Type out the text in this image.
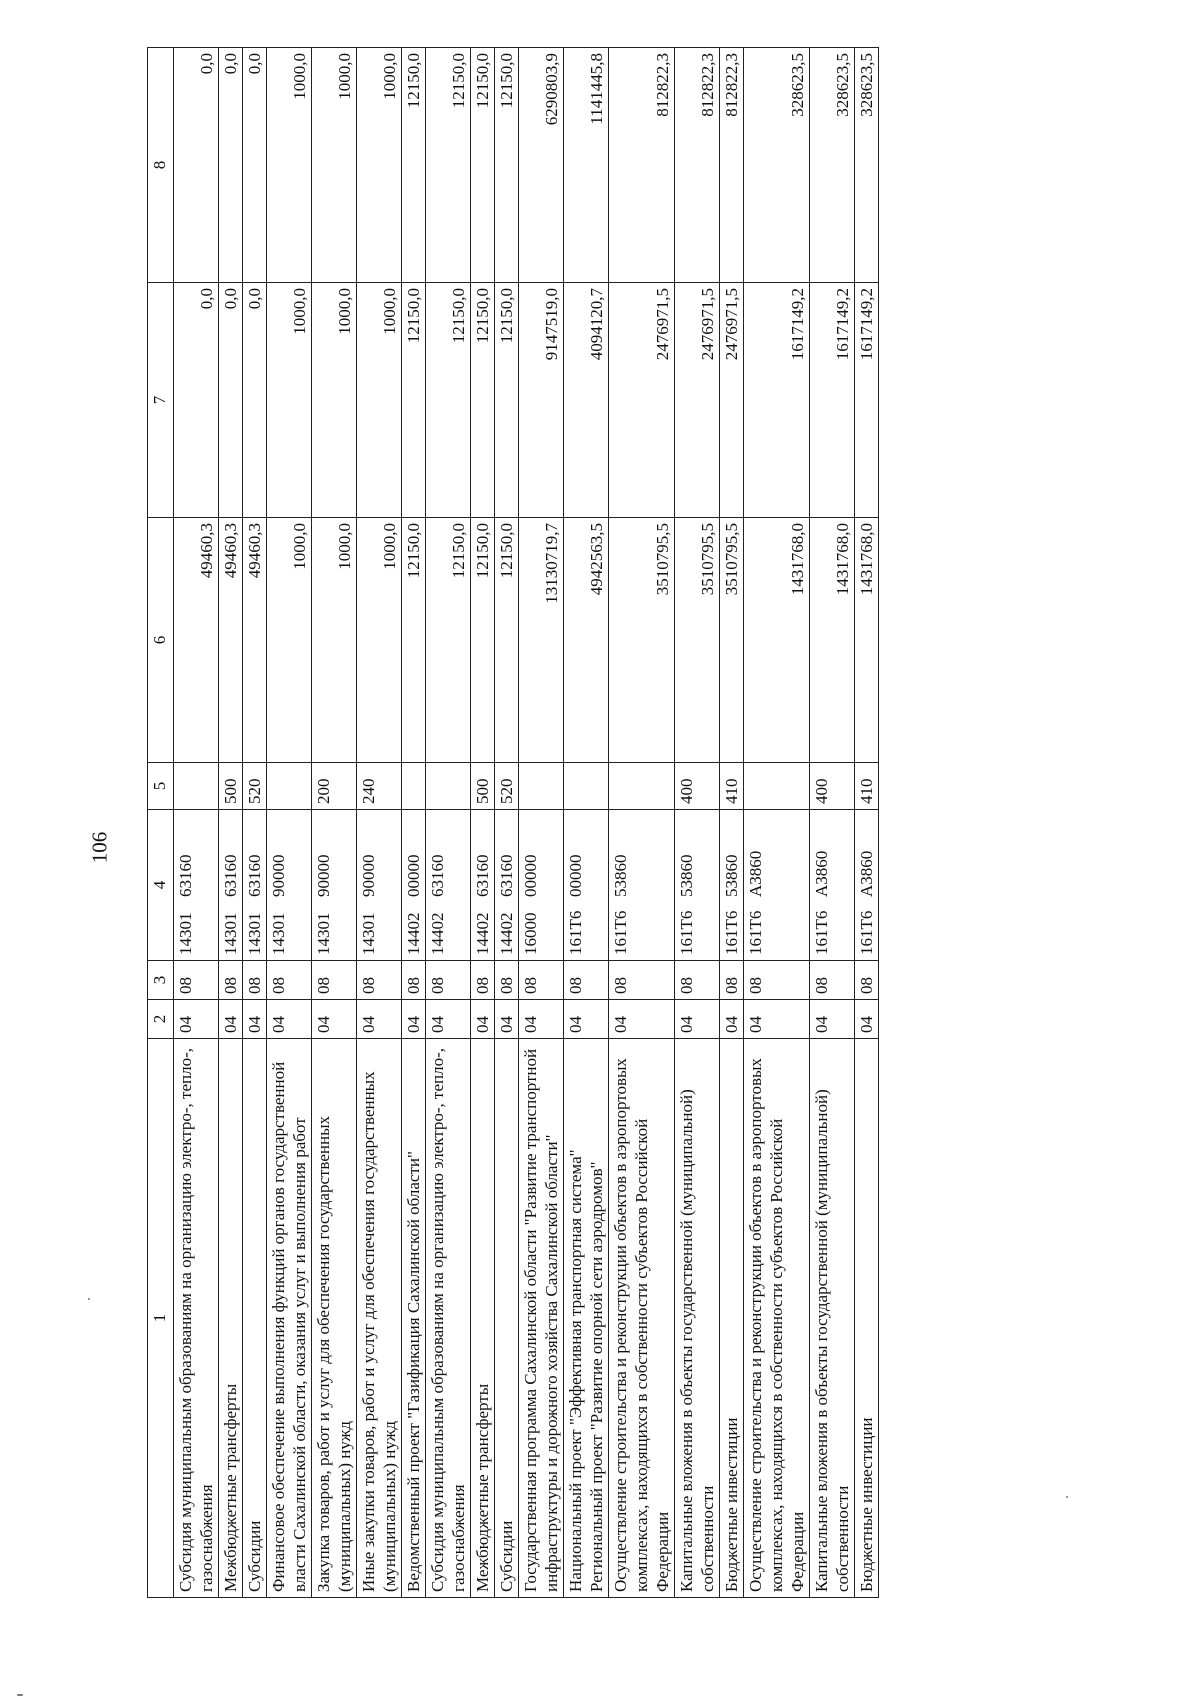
106
1	2	3	4	5	6	7	8
Субсидия муниципальным образованиям на организацию электро-, тепло-, газоснабжения	04	08	1430163160		49460,3	0,0	0,0
Межбюджетные трансферты	04	08	1430163160	500	49460,3	0,0	0,0
Субсидии	04	08	1430163160	520	49460,3	0,0	0,0
Финансовое обеспечение выполнения функций органов государственной власти Сахалинской области, оказания услуг и выполнения работ	04	08	1430190000		1000,0	1000,0	1000,0
Закупка товаров, работ и услуг для обеспечения государственных (муниципальных) нужд	04	08	1430190000	200	1000,0	1000,0	1000,0
Иные закупки товаров, работ и услуг для обеспечения государственных (муниципальных) нужд	04	08	1430190000	240	1000,0	1000,0	1000,0
Ведомственный проект "Газификация Сахалинской области"	04	08	1440200000		12150,0	12150,0	12150,0
Субсидия муниципальным образованиям на организацию электро-, тепло-, газоснабжения	04	08	1440263160		12150,0	12150,0	12150,0
Межбюджетные трансферты	04	08	1440263160	500	12150,0	12150,0	12150,0
Субсидии	04	08	1440263160	520	12150,0	12150,0	12150,0
Государственная программа Сахалинской области "Развитие транспортной инфраструктуры и дорожного хозяйства Сахалинской области"	04	08	1600000000		13130719,7	9147519,0	6290803,9
Национальный проект "Эффективная транспортная система" Региональный проект "Развитие опорной сети аэродромов"	04	08	161Т600000		4942563,5	4094120,7	1141445,8
Осуществление строительства и реконструкции объектов в аэропортовых комплексах, находящихся в собственности субъектов Российской Федерации	04	08	161Т653860		3510795,5	2476971,5	812822,3
Капитальные вложения в объекты государственной (муниципальной) собственности	04	08	161Т653860	400	3510795,5	2476971,5	812822,3
Бюджетные инвестиции	04	08	161Т653860	410	3510795,5	2476971,5	812822,3
Осуществление строительства и реконструкции объектов в аэропортовых комплексах, находящихся в собственности субъектов Российской Федерации	04	08	161Т6А3860		1431768,0	1617149,2	328623,5
Капитальные вложения в объекты государственной (муниципальной) собственности	04	08	161Т6А3860	400	1431768,0	1617149,2	328623,5
Бюджетные инвестиции	04	08	161Т6А3860	410	1431768,0	1617149,2	328623,5
